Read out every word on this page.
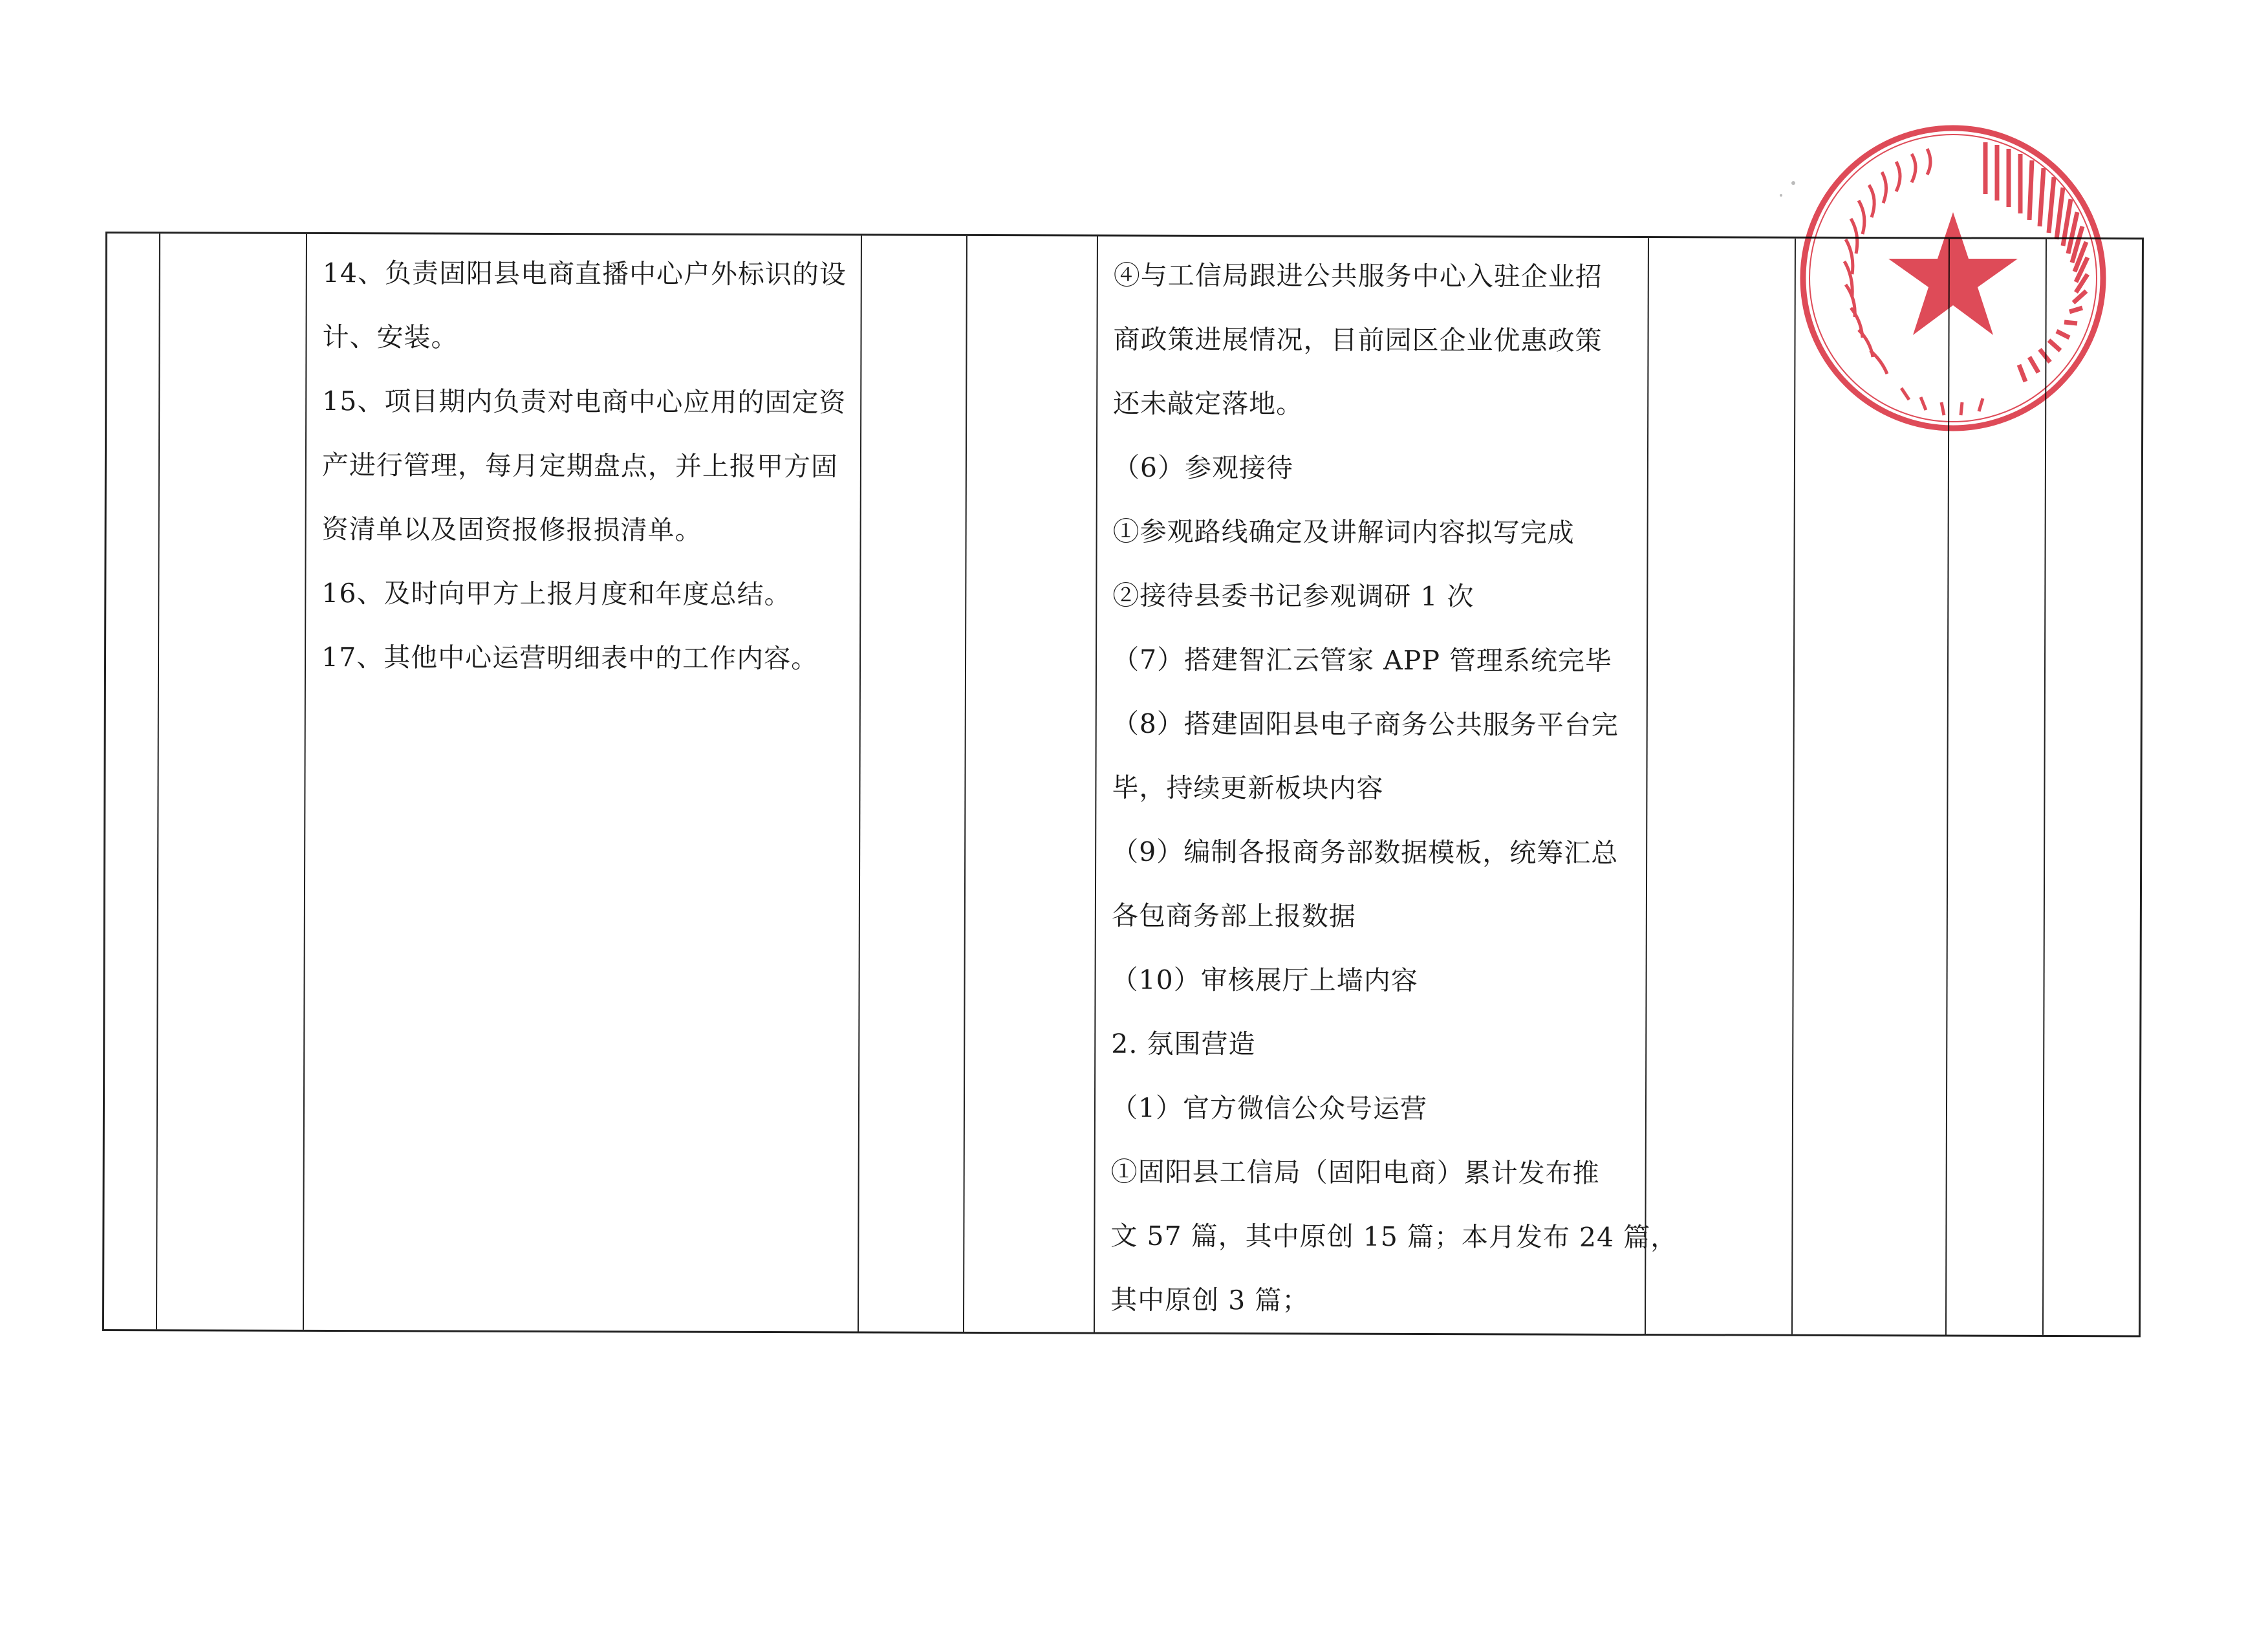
14、负责固阳县电商直播中心户外标识的设

计、安装。

15、项目期内负责对电商中心应用的固定资

产进行管理，每月定期盘点，并上报甲方固

资清单以及固资报修报损清单。

16、及时向甲方上报月度和年度总结。

17、其他中心运营明细表中的工作内容。

④与工信局跟进公共服务中心入驻企业招

商政策进展情况，目前园区企业优惠政策

还未敲定落地。

（6）参观接待

①参观路线确定及讲解词内容拟写完成

②接待县委书记参观调研 1 次

（7）搭建智汇云管家 APP 管理系统完毕

（8）搭建固阳县电子商务公共服务平台完

毕，持续更新板块内容

（9）编制各报商务部数据模板，统筹汇总

各包商务部上报数据

（10）审核展厅上墙内容

2. 氛围营造

（1）官方微信公众号运营

①固阳县工信局（固阳电商）累计发布推

文 57 篇，其中原创 15 篇；本月发布 24 篇，

其中原创 3 篇；
